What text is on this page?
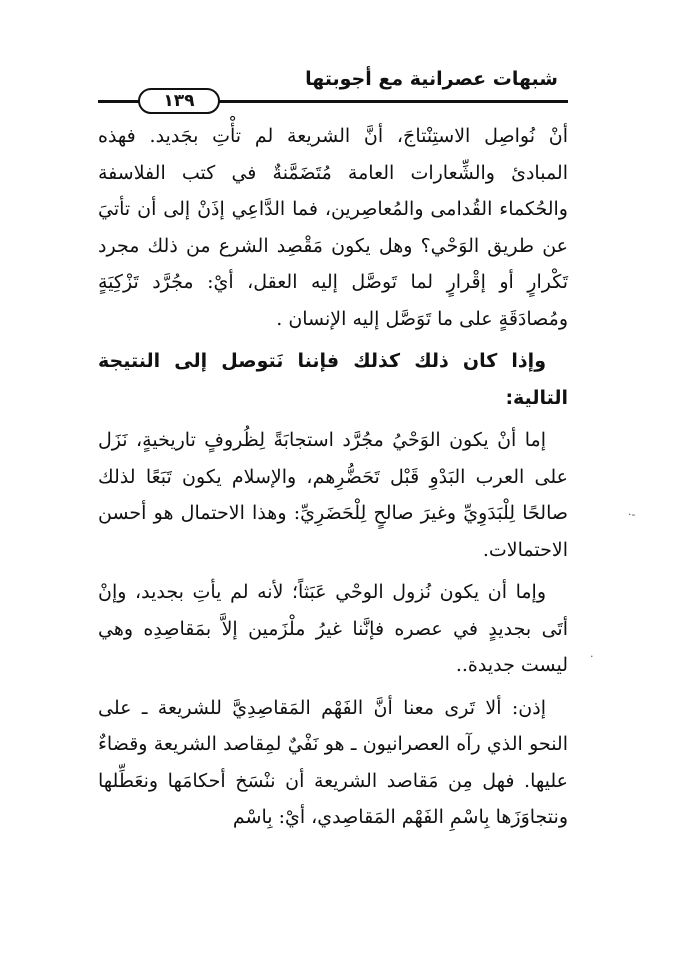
شبهات عصرانية مع أجوبتها
١٣٩

أنْ نُواصِل الاستِنْتاجَ، أنَّ الشريعة لم تأْتِ بجَديد. فهذه المبادئ والشِّعارات العامة مُتَضَمَّنةٌ في كتب الفلاسفة والحُكماء القُدامى والمُعاصِرين، فما الدَّاعِي إذَنْ إلى أن تأتيَ عن طريق الوَحْي؟ وهل يكون مَقْصِد الشرع من ذلك مجرد تَكْرارٍ أو إقْرارٍ لما تَوصَّل إليه العقل، أيْ: مجُرَّد تَزْكِيَةٍ ومُصادَقَةٍ على ما تَوَصَّل إليه الإنسان .

وإذا كان ذلك كذلك فإننا نَتوصل إلى النتيجة التالية:

إما أنْ يكون الوَحْيُ مجُرَّد استجابَةً لِظُروفٍ تاريخيةٍ، نَزَل على العرب البَدْوِ قَبْل تَحَضُّرِهم، والإسلام يكون تَبَعًا لذلك صالحًا لِلْبَدَوِيِّ وغيرَ صالحٍ لِلْحَضَرِيِّ: وهذا الاحتمال هو أحسن الاحتمالات.

وإما أن يكون نُزول الوحْي عَبَثاً؛ لأنه لم يأتِ بجديد، وإنْ أتَى بجديدٍ في عصره فإنَّنا غيرُ ملْزَمين إلاَّ بمَقاصِدِه وهي ليست جديدة..

إذن: ألا تَرى معنا أنَّ الفَهْم المَقاصِدِيَّ للشريعة ـ على النحو الذي رآه العصرانيون ـ هو نَفْيٌ لمِقاصد الشريعة وقضاءٌ عليها. فهل مِن مَقاصد الشريعة أن ننْسَخ أحكامَها ونعَطِّلها ونتجاوَزَها بِاسْمِ الفَهْم المَقاصِدي، أيْ: بِاسْم

·-
·
